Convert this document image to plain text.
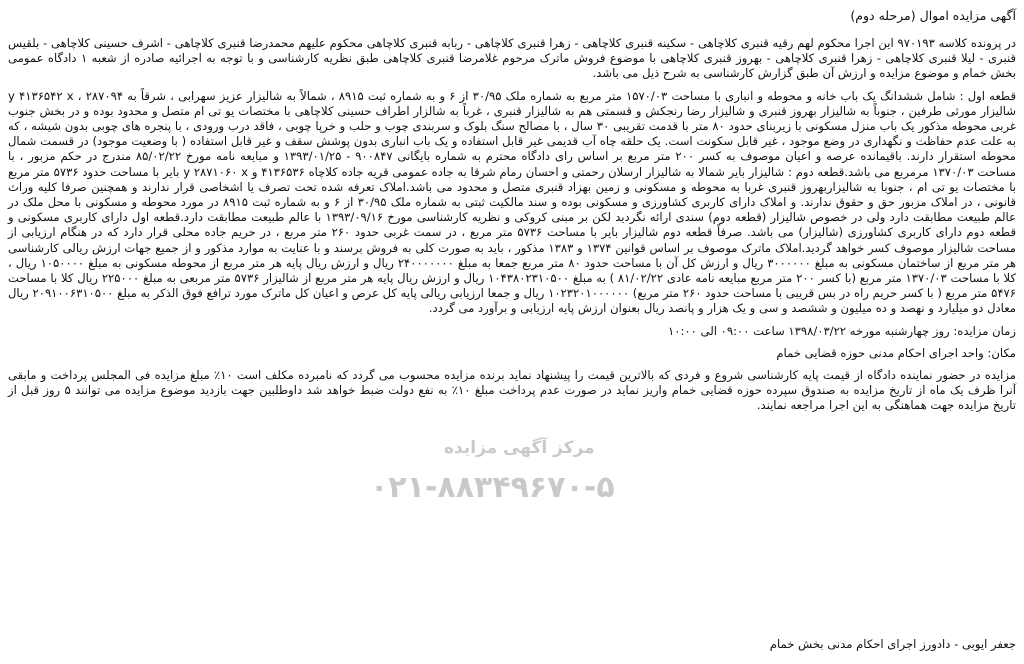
آگهی مزایده اموال (مرحله دوم)
در پرونده کلاسه ۹۷۰۱۹۳ این اجرا محکوم لهم رقیه قنبری کلاچاهی - سکینه قنبری کلاچاهی - زهرا قنبری کلاچاهی - ربابه قنبری کلاچاهی محکوم علیهم محمدرضا قنبری کلاچاهی - اشرف حسینی کلاچاهی - بلقیس قنبری - لیلا قنبری کلاچاهی - زهرا قنبری کلاچاهی - بهروز قنبری کلاچاهی با موضوع فروش ماترک مرحوم غلامرضا قنبری کلاچاهی طبق نظریه کارشناسی و با توجه به اجرائیه صادره از شعبه ۱ دادگاه عمومی بخش خمام و موضوع مزایده و ارزش آن طبق گزارش کارشناسی به شرح ذیل می باشد.
قطعه اول : شامل ششدانگ یک باب خانه و محوطه و انباری با مساحت ۱۵۷۰/۰۳ متر مربع به شماره ملک ۳۰/۹۵ از ۶ و به شماره ثبت ۸۹۱۵ ، شمالاً به شالیزار عزیز سهرابی ، شرقاً به ۲۸۷۰۹۴ ، y ۴۱۳۶۵۴۲ x شالیزار مورثی طرفین ، جنوباً به شالیزار بهروز قنبری و شالیزار رضا رنجکش و قسمتی هم به شالیزار قنبری ، غرباً به شالزار اطراف حسینی کلاچاهی با مختصات یو تی ام متصل و محدود بوده و در بخش جنوب غربی محوطه مذکور یک باب منزل مسکونی با زیربنای حدود ۸۰ متر با قدمت تقریبی ۳۰ سال ، با مصالح سنگ بلوک و سربندی چوب و حلب و خرپا چوبی ، فاقد درب ورودی ، با پنجره های چوبی بدون شیشه ، که به علت عدم حفاظت و نگهداری در وضع موجود ، غیر قابل سکونت است. یک حلقه چاه آب قدیمی غیر قابل استفاده و یک باب انباری بدون پوشش سقف و غیر قابل استفاده ( با وضعیت موجود) در قسمت شمال محوطه استقرار دارند. باقیمانده عرصه و اعیان موصوف به کسر ۲۰۰ متر مربع بر اساس رای دادگاه محترم به شماره بایگانی ۹۰۰۸۴۷ - ۱۳۹۳/۰۱/۲۵ و مبایعه نامه مورخ ۸۵/۰۲/۲۲ مندرج در حکم مزبور ، با مساحت ۱۳۷۰/۰۳ مرمربع می باشد.قطعه دوم : شالیزار بایر شمالا به شالیزار ارسلان رحمتی و احسان رمام شرقا به جاده عمومی قریه جاده کلاچاه ۴۱۳۶۵۳۶ و y ۲۸۷۱۰۶۰ x بایر با مساحت حدود ۵۷۳۶ متر مربع با مختصات یو تی ام ، جنوبا به شالیزاربهروز قنبری غربا به محوطه و مسکونی و زمین بهزاد قنبری متصل و محدود می باشد.املاک تعرفه شده تحت تصرف یا اشخاصی قرار ندارند و همچنین صرفا کلیه وراث قانونی ، در املاک مزبور حق و حقوق ندارند. و املاک دارای کاربری کشاورزی و مسکونی بوده و سند مالکیت ثبتی به شماره ملک ۳۰/۹۵ از ۶ و به شماره ثبت ۸۹۱۵ در مورد محوطه و مسکونی با محل ملک در عالم طبیعت مطابقت دارد ولی در خصوص شالیزار (قطعه دوم) سندی ارائه نگردید لکن بر مبنی کروکی و نظریه کارشناسی مورخ ۱۳۹۳/۰۹/۱۶ با عالم طبیعت مطابقت دارد.قطعه اول دارای کاربری مسکونی و قطعه دوم دارای کاربری کشاورزی (شالیزار) می باشد. صرفاً قطعه دوم شالیزار بایر با مساحت ۵۷۳۶ متر مربع ، در سمت غربی حدود ۲۶۰ متر مربع ، در حریم جاده محلی قرار دارد که در هنگام ارزیابی از مساحت شالیزار موصوف کسر خواهد گردید.املاک ماترک موصوف بر اساس قوانین ۱۳۷۴ و ۱۳۸۳ مذکور ، باید به صورت کلی به فروش برسند و با عنایت به موارد مذکور و از جمیع جهات ارزش ریالی کارشناسی هر متر مربع از ساختمان مسکونی به مبلغ ۳۰۰۰۰۰۰ ریال و ارزش کل آن با مساحت حدود ۸۰ متر مربع جمعا به مبلغ ۲۴۰۰۰۰۰۰۰ ریال و ارزش ریال پایه هر متر مربع از محوطه مسکونی به مبلغ ۱۰۵۰۰۰۰ ریال ، کلا با مساحت ۱۳۷۰/۰۳ متر مربع (با کسر ۲۰۰ متر مربع مبایعه نامه عادی ۸۱/۰۲/۲۲ ) به مبلغ ۱۰۴۳۸۰۲۳۱۰۵۰۰ ریال و ارزش ریال پایه هر متر مربع از شالیزار ۵۷۳۶ متر مربعی به مبلغ ۲۲۵۰۰۰ ریال کلا با مساحت ۵۴۷۶ متر مربع ( با کسر حریم راه در بس قریبی با مساحت حدود ۲۶۰ متر مربع) ۱۰۲۳۲۰۱۰۰۰۰۰۰ ریال و جمعا ارزیابی ریالی پایه کل عرص و اعیان کل ماترک مورد ترافع فوق الذکر به مبلغ ۲۰۹۱۰۰۶۳۱۰۵۰۰ ریال معادل دو میلیارد و نهصد و ده میلیون و ششصد و سی و یک هزار و پانصد ریال بعنوان ارزش پایه ارزیابی و برآورد می گردد.
زمان مزایده: روز چهارشنبه مورخه ۱۳۹۸/۰۳/۲۲ ساعت ۰۹:۰۰ الی ۱۰:۰۰
مکان: واحد اجرای احکام مدنی حوزه قضایی خمام
مزایده در حضور نماینده دادگاه از قیمت پایه کارشناسی شروع و فردی که بالاترین قیمت را پیشنهاد نماید برنده مزایده محسوب می گردد که نامبرده مکلف است ۱۰٪ مبلغ مزایده فی المجلس پرداخت و مابقی آنرا ظرف یک ماه از تاریخ مزایده به صندوق سپرده حوزه قضایی خمام واریز نماید در صورت عدم پرداخت مبلغ ۱۰٪ به نفع دولت ضبط خواهد شد داوطلبین جهت بازدید موضوع مزایده می توانند ۵ روز قبل از تاریخ مزایده جهت هماهنگی به این اجرا مراجعه نمایند.
جعفر ایوبی - دادورز اجرای احکام مدنی بخش خمام
مرکز آگهی مزایده
۰۲۱-۸۸۳۴۹۶۷۰-۵
